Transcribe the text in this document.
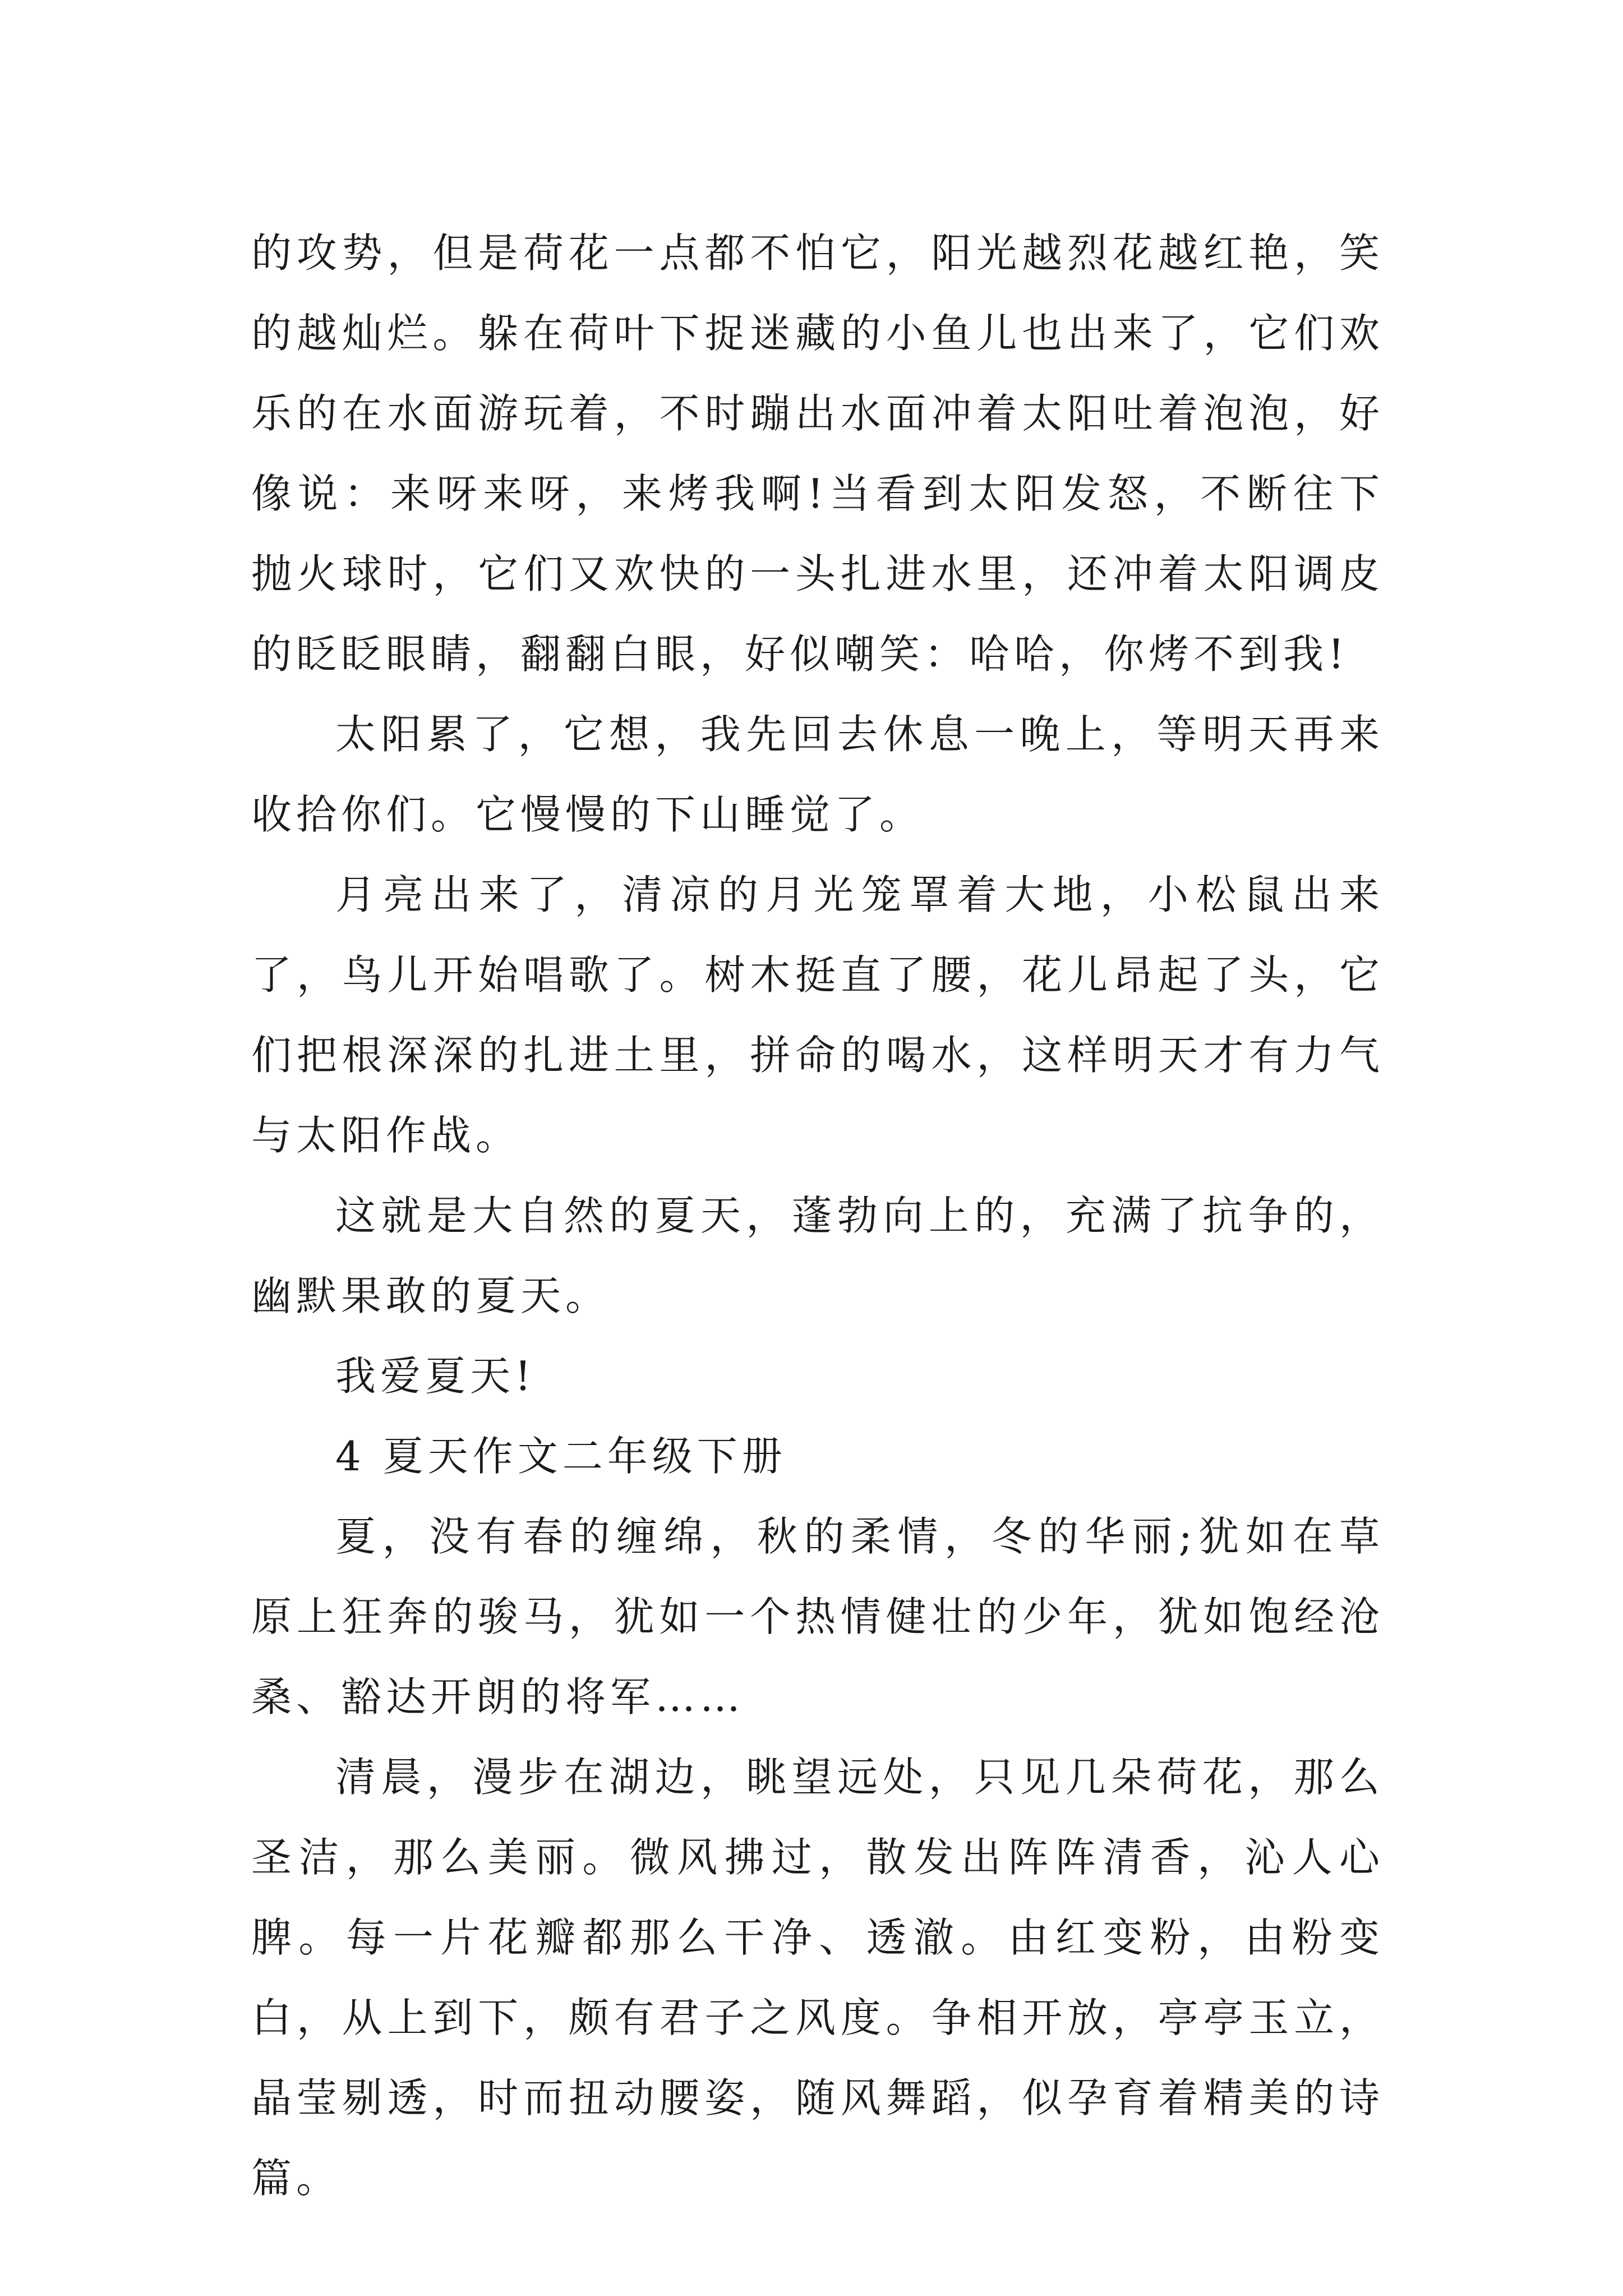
的攻势，但是荷花一点都不怕它，阳光越烈花越红艳，笑的越灿烂。躲在荷叶下捉迷藏的小鱼儿也出来了，它们欢乐的在水面游玩着，不时蹦出水面冲着太阳吐着泡泡，好像说：来呀来呀，来烤我啊!当看到太阳发怒，不断往下抛火球时，它们又欢快的一头扎进水里，还冲着太阳调皮的眨眨眼睛，翻翻白眼，好似嘲笑：哈哈，你烤不到我!

太阳累了，它想，我先回去休息一晚上，等明天再来收拾你们。它慢慢的下山睡觉了。

月亮出来了，清凉的月光笼罩着大地，小松鼠出来了，鸟儿开始唱歌了。树木挺直了腰，花儿昂起了头，它们把根深深的扎进土里，拼命的喝水，这样明天才有力气与太阳作战。

这就是大自然的夏天，蓬勃向上的，充满了抗争的，幽默果敢的夏天。

我爱夏天!

4 夏天作文二年级下册

夏，没有春的缠绵，秋的柔情，冬的华丽;犹如在草原上狂奔的骏马，犹如一个热情健壮的少年，犹如饱经沧桑、豁达开朗的将军……

清晨，漫步在湖边，眺望远处，只见几朵荷花，那么圣洁，那么美丽。微风拂过，散发出阵阵清香，沁人心脾。每一片花瓣都那么干净、透澈。由红变粉，由粉变白，从上到下，颇有君子之风度。争相开放，亭亭玉立，晶莹剔透，时而扭动腰姿，随风舞蹈，似孕育着精美的诗篇。
